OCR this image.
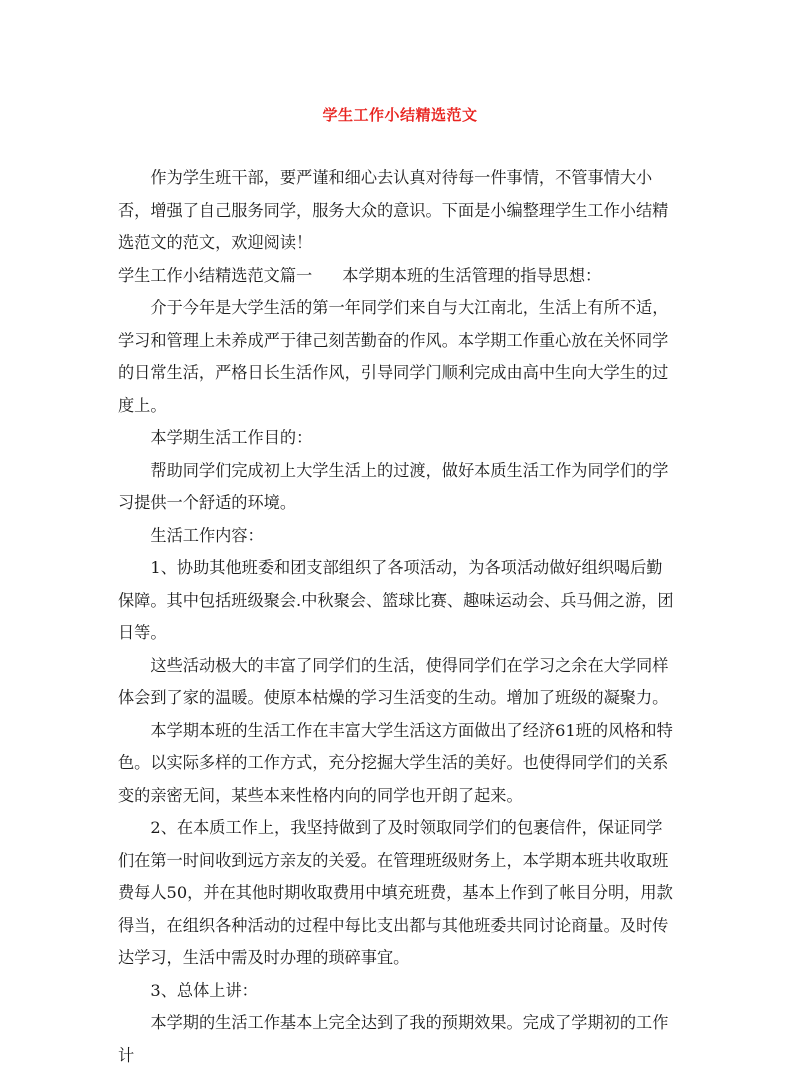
学生工作小结精选范文

作为学生班干部，要严谨和细心去认真对待每一件事情，不管事情大小否，增强了自己服务同学，服务大众的意识。下面是小编整理学生工作小结精选范文的范文，欢迎阅读！

学生工作小结精选范文篇一 本学期本班的生活管理的指导思想：

介于今年是大学生活的第一年同学们来自与大江南北，生活上有所不适，学习和管理上未养成严于律己刻苦勤奋的作风。本学期工作重心放在关怀同学的日常生活，严格日长生活作风，引导同学门顺利完成由高中生向大学生的过度上。

本学期生活工作目的：

帮助同学们完成初上大学生活上的过渡，做好本质生活工作为同学们的学习提供一个舒适的环境。

生活工作内容：

1、协助其他班委和团支部组织了各项活动，为各项活动做好组织喝后勤保障。其中包括班级聚会.中秋聚会、篮球比赛、趣味运动会、兵马佣之游，团日等。

这些活动极大的丰富了同学们的生活，使得同学们在学习之余在大学同样体会到了家的温暖。使原本枯燥的学习生活变的生动。增加了班级的凝聚力。

本学期本班的生活工作在丰富大学生活这方面做出了经济61班的风格和特色。以实际多样的工作方式，充分挖掘大学生活的美好。也使得同学们的关系变的亲密无间，某些本来性格内向的同学也开朗了起来。

2、在本质工作上，我坚持做到了及时领取同学们的包裹信件，保证同学们在第一时间收到远方亲友的关爱。在管理班级财务上，本学期本班共收取班费每人50，并在其他时期收取费用中填充班费，基本上作到了帐目分明，用款得当，在组织各种活动的过程中每比支出都与其他班委共同讨论商量。及时传达学习，生活中需及时办理的琐碎事宜。

3、总体上讲：

本学期的生活工作基本上完全达到了我的预期效果。完成了学期初的工作计
